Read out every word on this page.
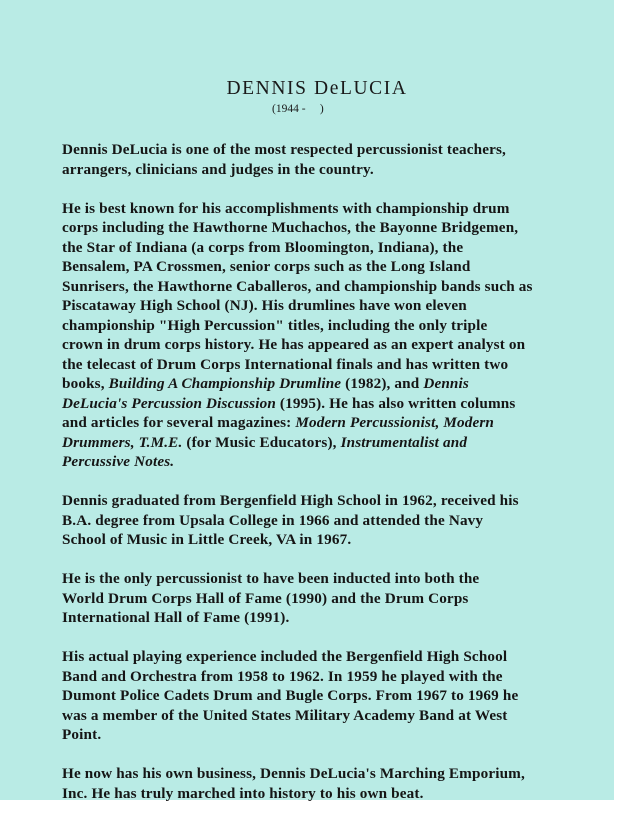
DENNIS DeLUCIA
(1944 -     )

Dennis DeLucia is one of the most respected percussionist teachers,
arrangers, clinicians and judges in the country.

He is best known for his accomplishments with championship drum
corps including the Hawthorne Muchachos, the Bayonne Bridgemen,
the Star of Indiana (a corps from Bloomington, Indiana), the
Bensalem, PA Crossmen, senior corps such as the Long Island
Sunrisers, the Hawthorne Caballeros, and championship bands such as
Piscataway High School (NJ). His drumlines have won eleven
championship "High Percussion" titles, including the only triple
crown in drum corps history. He has appeared as an expert analyst on
the telecast of Drum Corps International finals and has written two
books, Building A Championship Drumline (1982), and Dennis
DeLucia's Percussion Discussion (1995). He has also written columns
and articles for several magazines: Modern Percussionist, Modern
Drummers, T.M.E. (for Music Educators), Instrumentalist and
Percussive Notes.

Dennis graduated from Bergenfield High School in 1962, received his
B.A. degree from Upsala College in 1966 and attended the Navy
School of Music in Little Creek, VA in 1967.

He is the only percussionist to have been inducted into both the
World Drum Corps Hall of Fame (1990) and the Drum Corps
International Hall of Fame (1991).

His actual playing experience included the Bergenfield High School
Band and Orchestra from 1958 to 1962. In 1959 he played with the
Dumont Police Cadets Drum and Bugle Corps. From 1967 to 1969 he
was a member of the United States Military Academy Band at West
Point.

He now has his own business, Dennis DeLucia's Marching Emporium,
Inc. He has truly marched into history to his own beat.
